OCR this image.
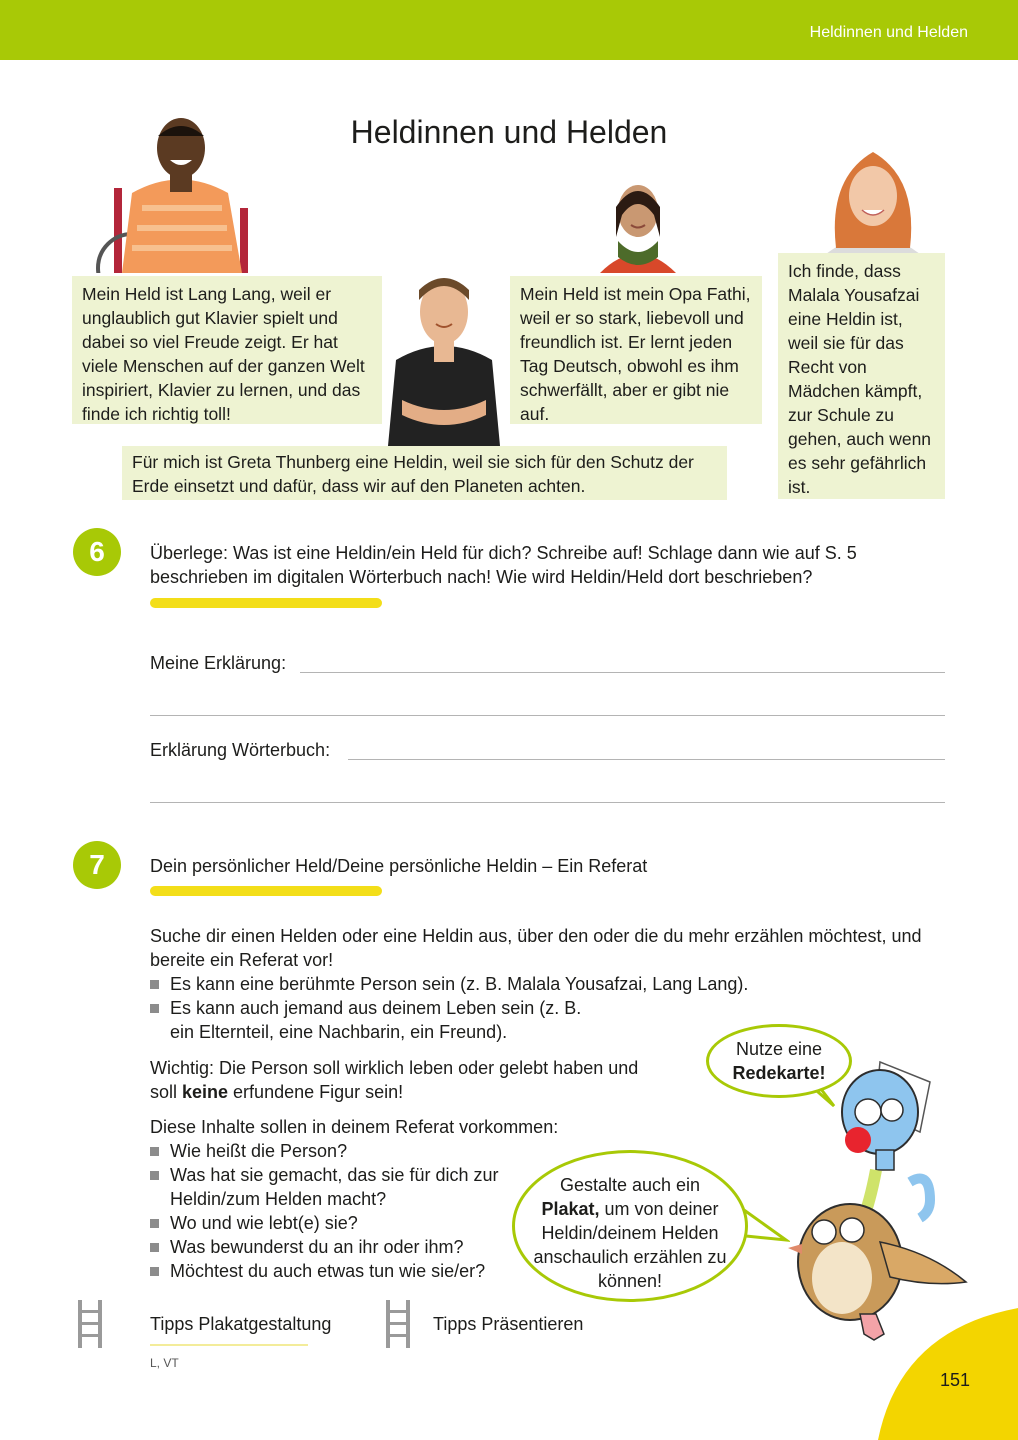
Heldinnen und Helden
Heldinnen und Helden
Mein Held ist Lang Lang, weil er unglaublich gut Klavier spielt und dabei so viel Freude zeigt. Er hat viele Menschen auf der ganzen Welt inspiriert, Klavier zu lernen, und das finde ich richtig toll!
Mein Held ist mein Opa Fathi, weil er so stark, liebevoll und freundlich ist. Er lernt jeden Tag Deutsch, obwohl es ihm schwerfällt, aber er gibt nie auf.
Ich finde, dass Malala Yousafzai eine Heldin ist, weil sie für das Recht von Mädchen kämpft, zur Schule zu gehen, auch wenn es sehr gefährlich ist.
Für mich ist Greta Thunberg eine Heldin, weil sie sich für den Schutz der Erde einsetzt und dafür, dass wir auf den Planeten achten.
6	Überlege: Was ist eine Heldin/ein Held für dich? Schreibe auf! Schlage dann wie auf S. 5 beschrieben im digitalen Wörterbuch nach! Wie wird Heldin/Held dort beschrieben?
Meine Erklärung:
Erklärung Wörterbuch:
7	Dein persönlicher Held/Deine persönliche Heldin – Ein Referat
Suche dir einen Helden oder eine Heldin aus, über den oder die du mehr erzählen möchtest, und bereite ein Referat vor!
Es kann eine berühmte Person sein (z. B. Malala Yousafzai, Lang Lang).
Es kann auch jemand aus deinem Leben sein (z. B. ein Elternteil, eine Nachbarin, ein Freund).
Wichtig: Die Person soll wirklich leben oder gelebt haben und soll keine erfundene Figur sein!
Diese Inhalte sollen in deinem Referat vorkommen:
Wie heißt die Person?
Was hat sie gemacht, das sie für dich zur Heldin/zum Helden macht?
Wo und wie lebt(e) sie?
Was bewunderst du an ihr oder ihm?
Möchtest du auch etwas tun wie sie/er?
Nutze eine
Redekarte!
Gestalte auch ein Plakat, um von deiner Heldin/deinem Helden anschaulich erzählen zu können!
Tipps Plakatgestaltung	Tipps Präsentieren
L, VT
151
